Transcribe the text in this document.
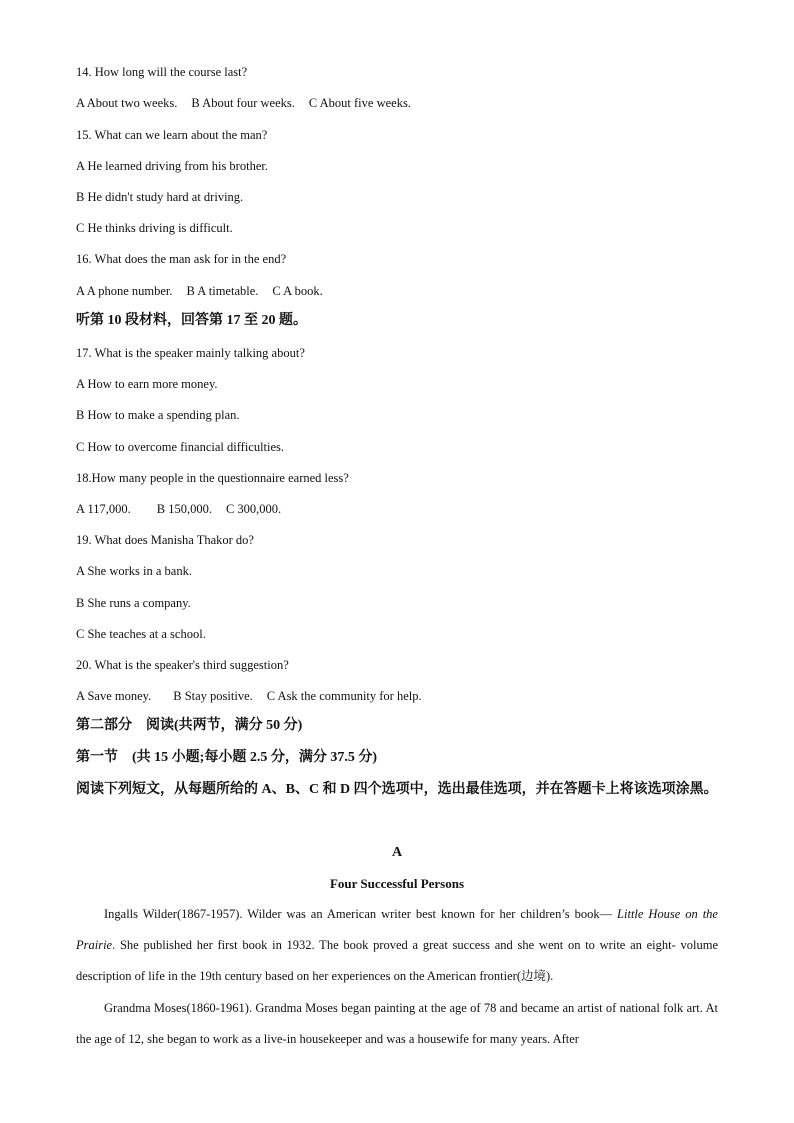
14. How long will the course last?
A About two weeks. B About four weeks. C About five weeks.
15. What can we learn about the man?
A He learned driving from his brother.
B He didn't study hard at driving.
C He thinks driving is difficult.
16. What does the man ask for in the end?
A A phone number. B A timetable. C A book.
听第 10 段材料，回答第 17 至 20 题。
17. What is the speaker mainly talking about?
A How to earn more money.
B How to make a spending plan.
C How to overcome financial difficulties.
18.How many people in the questionnaire earned less?
A 117,000. B 150,000. C 300,000.
19. What does Manisha Thakor do?
A She works in a bank.
B She runs a company.
C She teaches at a school.
20. What is the speaker's third suggestion?
A Save money. B Stay positive. C Ask the community for help.
第二部分　阅读(共两节，满分 50 分)
第一节　(共 15 小题;每小题 2.5 分，满分 37.5 分)
阅读下列短文，从每题所给的 A、B、C 和 D 四个选项中，选出最佳选项，并在答题卡上将该选项涂黑。
A
Four Successful Persons
Ingalls Wilder(1867-1957). Wilder was an American writer best known for her children’s book— Little House on the Prairie. She published her first book in 1932. The book proved a great success and she went on to write an eight- volume description of life in the 19th century based on her experiences on the American frontier(边境).
Grandma Moses(1860-1961). Grandma Moses began painting at the age of 78 and became an artist of national folk art. At the age of 12, she began to work as a live-in housekeeper and was a housewife for many years. After
